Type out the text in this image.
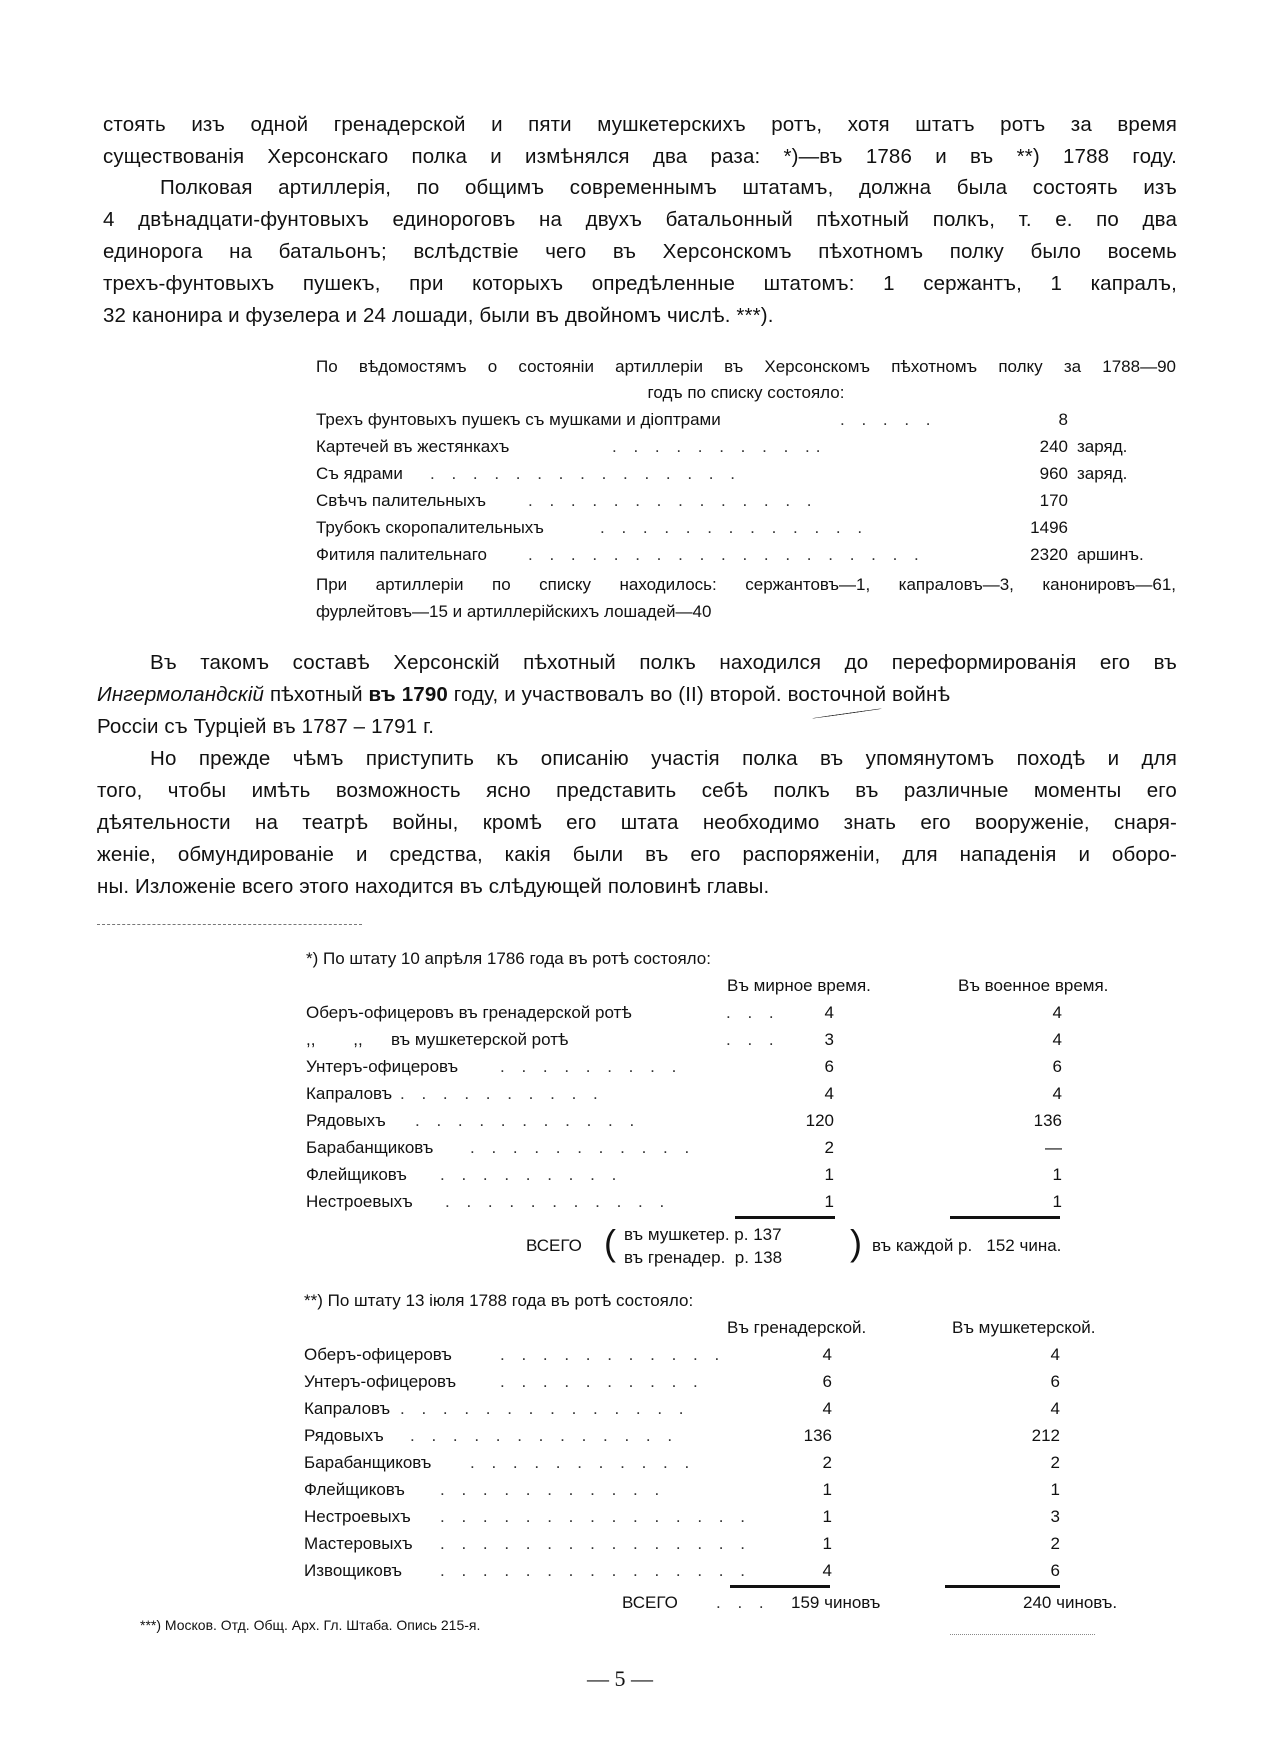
стоять изъ одной гренадерской и пяти мушкетерскихъ ротъ, хотя штатъ ротъ за время
существованiя Херсонскаго полка и измѣнялся два раза: *)—въ 1786 и въ **) 1788 году.
Полковая артиллерiя, по общимъ современнымъ штатамъ, должна была состоять изъ
4 двѣнадцати-фунтовыхъ единороговъ на двухъ батальонный пѣхотный полкъ, т. е. по два
единорога на батальонъ; вслѣдствiе чего въ Херсонскомъ пѣхотномъ полку было восемь
трехъ-фунтовыхъ пушекъ, при которыхъ опредѣленные штатомъ: 1 сержантъ, 1 капралъ,
32 канонира и фузелера и 24 лошади, были въ двойномъ числѣ. ***).
По вѣдомостямъ о состоянiи артиллерiи въ Херсонскомъ пѣхотномъ полку за 1788—90
годъ по списку состояло:
Трехъ фунтовыхъ пушекъ съ мушками и дiоптрами	. . . . .	8
Картечей въ жестянкахъ	. . . . . . . . . ..	240 заряд.
Съ ядрами . . . . . . . . . . . . . . .	960 заряд.
Свѣчъ палительныхъ . . . . . . . . . . . . . .	170
Трубокъ скоропалительныхъ	. . . . . . . . . . . . .	1496
Фитиля палительнаго . . . . . . . . . . . . . . . . . . .	2320 аршинъ.
При артиллерiи по списку находилось: сержантовъ—1, капраловъ—3, канонировъ—61,
фурлейтовъ—15 и артиллерiйскихъ лошадей—40
Въ такомъ составѣ Херсонскiй пѣхотный полкъ находился до переформированiя его въ
Ингермоландскiй пѣхотный въ 1790 году, и участвовалъ во (II) второй. восточной войнѣ
Россiи съ Турцiей въ 1787 – 1791 г.
Но прежде чѣмъ приступить къ описанiю участiя полка въ упомянутомъ походѣ и для
того, чтобы имѣть возможность ясно представить себѣ полкъ въ различные моменты его
дѣятельности на театрѣ войны, кромѣ его штата необходимо знать его вооруженiе, снаря-
женiе, обмундированiе и средства, какiя были въ его распоряженiи, для нападенiя и оборо-
ны. Изложенiе всего этого находится въ слѣдующей половинѣ главы.
*) По штату 10 апрѣля 1786 года въ ротѣ состояло:
Въ мирное время.	Въ военное время.
Оберъ-офицеровъ въ гренадерской ротѣ	. . .	4	4
,,        ,,      въ мушкетерской ротѣ	. . .	3	4
Унтеръ-офицеровъ . . . . . . . . .	6	6
Капраловъ . . . . . . . . . .	4	4
Рядовыхъ . . . . . . . . . . .	120	136
Барабанщиковъ . . . . . . . . . . .	2	—
Флейщиковъ . . . . . . . . .	1	1
Нестроевыхъ . . . . . . . . . . .	1	1
ВСЕГО (	)
въ мушкетер. р. 137
въ гренадер.  р. 138
въ каждой р.   152 чина.
**) По штату 13 iюля 1788 года въ ротѣ состояло:
Въ гренадерской.	Въ мушкетерской.
Оберъ-офицеровъ	. . . . . . . . . . .	4	4
Унтеръ-офицеровъ	. . . . . . . . . .	6	6
Капраловъ . . . . . . . . . . . . . .	4	4
Рядовыхъ . . . . . . . . . . . . .	136	212
Барабанщиковъ . . . . . . . . . . .	2	2
Флейщиковъ . . . . . . . . . . .	1	1
Нестроевыхъ . . . . . . . . . . . . . . .	1	3
Мастеровыхъ . . . . . . . . . . . . . . .	1	2
Извощиковъ . . . . . . . . . . . . . . .	4	6
ВСЕГО . . . 159 чиновъ	240 чиновъ.
***) Москов. Отд. Общ. Арх. Гл. Штаба. Опись 215-я.
— 5 —
